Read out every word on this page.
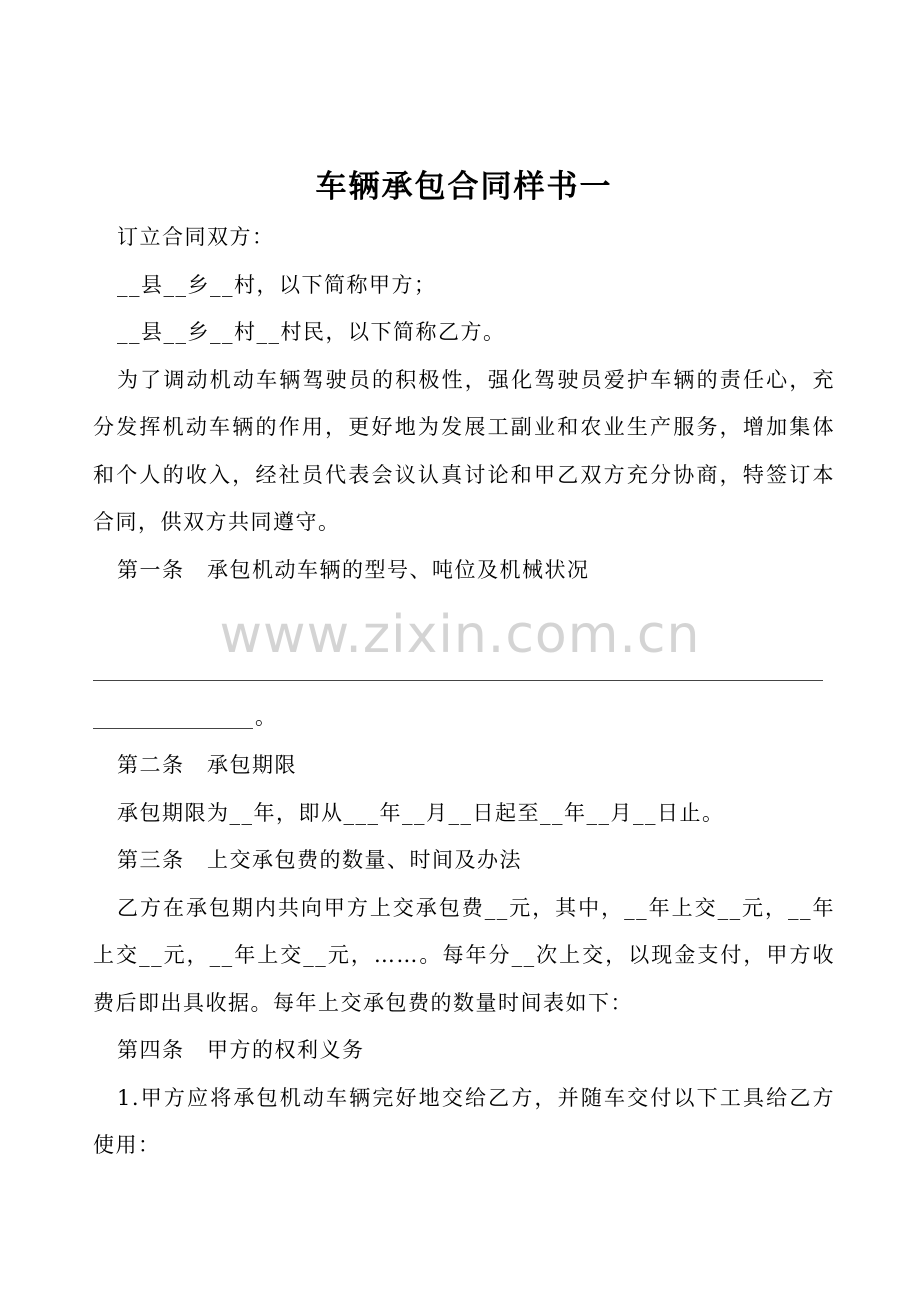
车辆承包合同样书一

订立合同双方：

__县__乡__村，以下简称甲方；

__县__乡__村__村民，以下简称乙方。

为了调动机动车辆驾驶员的积极性，强化驾驶员爱护车辆的责任心，充分发挥机动车辆的作用，更好地为发展工副业和农业生产服务，增加集体和个人的收入，经社员代表会议认真讨论和甲乙双方充分协商，特签订本合同，供双方共同遵守。

第一条　承包机动车辆的型号、吨位及机械状况

www.zixin.com.cn
。

第二条　承包期限

承包期限为__年，即从___年__月__日起至__年__月__日止。

第三条　上交承包费的数量、时间及办法

乙方在承包期内共向甲方上交承包费__元，其中，__年上交__元，__年上交__元，__年上交__元，……。每年分__次上交，以现金支付，甲方收费后即出具收据。每年上交承包费的数量时间表如下：

第四条　甲方的权利义务

1.甲方应将承包机动车辆完好地交给乙方，并随车交付以下工具给乙方使用：
